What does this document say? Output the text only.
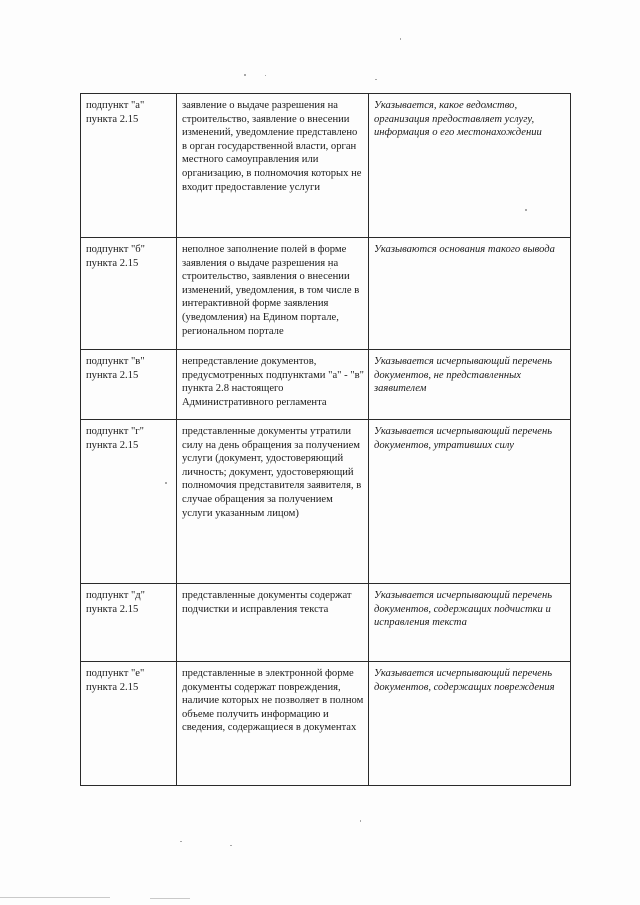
подпункт "а" пункта 2.15	заявление о выдаче разрешения на строительство, заявление о внесении изменений, уведомление представлено в орган государственной власти, орган местного самоуправления или организацию, в полномочия которых не входит предоставление услуги	Указывается, какое ведомство, организация предоставляет услугу, информация о его местонахождении
подпункт "б" пункта 2.15	неполное заполнение полей в форме заявления о выдаче разрешения на строительство, заявления о внесении изменений, уведомления, в том числе в интерактивной форме заявления (уведомления) на Едином портале, региональном портале	Указываются основания такого вывода
подпункт "в" пункта 2.15	непредставление документов, предусмотренных подпунктами "а" - "в" пункта 2.8 настоящего Административного регламента	Указывается исчерпывающий перечень документов, не представленных заявителем
подпункт "г" пункта 2.15	представленные документы утратили силу на день обращения за получением услуги (документ, удостоверяющий личность; документ, удостоверяющий полномочия представителя заявителя, в случае обращения за получением услуги указанным лицом)	Указывается исчерпывающий перечень документов, утративших силу
подпункт "д" пункта 2.15	представленные документы содержат подчистки и исправления текста	Указывается исчерпывающий перечень документов, содержащих подчистки и исправления текста
подпункт "е" пункта 2.15	представленные в электронной форме документы содержат повреждения, наличие которых не позволяет в полном объеме получить информацию и сведения, содержащиеся в документах	Указывается исчерпывающий перечень документов, содержащих повреждения
